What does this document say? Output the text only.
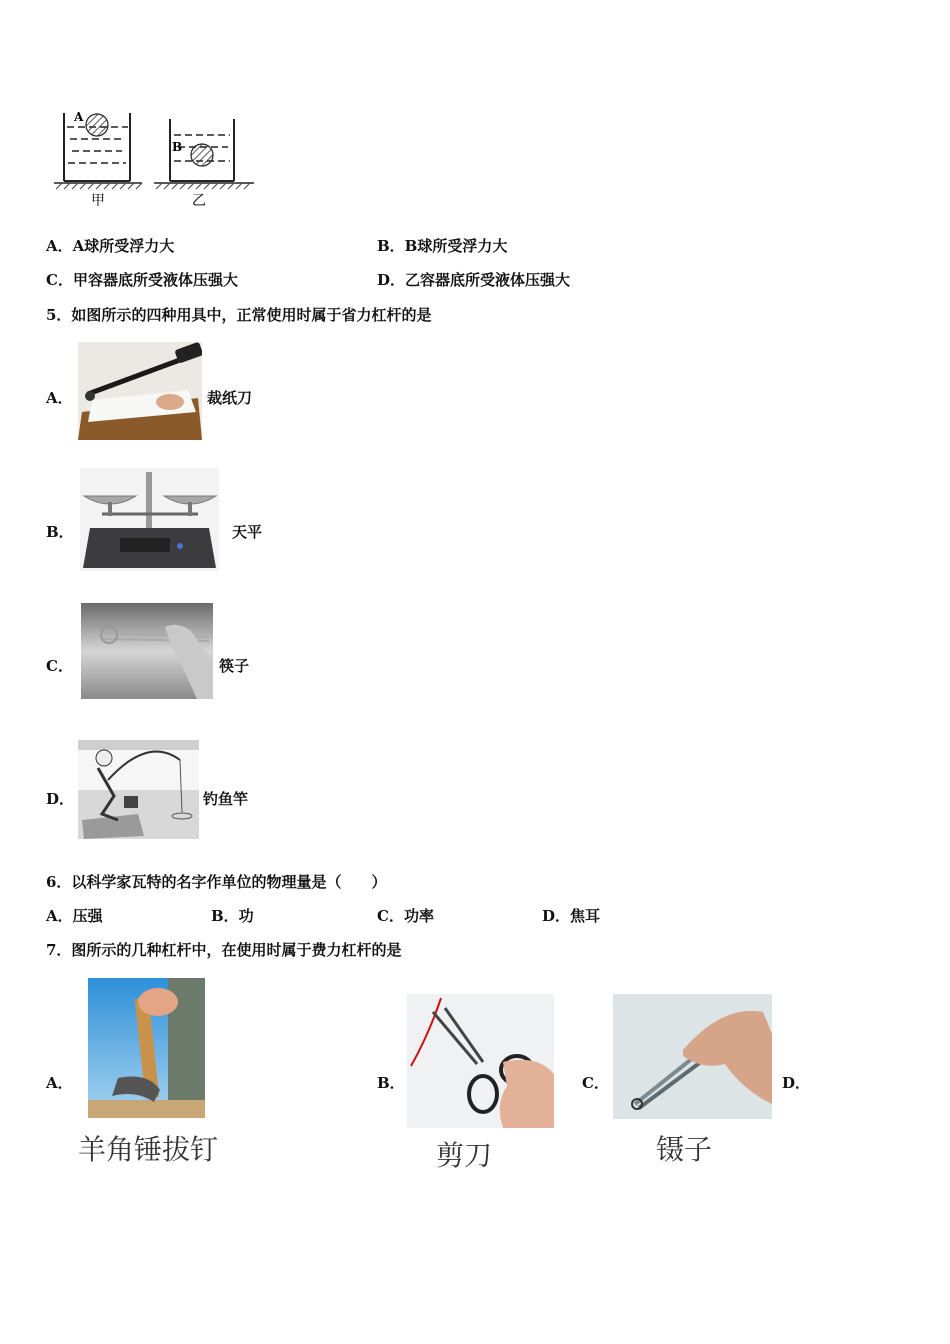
A
B
甲	乙
A．A球所受浮力大	B．B球所受浮力大
C．甲容器底所受液体压强大	D．乙容器底所受液体压强大
5．如图所示的四种用具中，正常使用时属于省力杠杆的是
A．	裁纸刀
B．	天平
C．	筷子
D．	钓鱼竿
6．以科学家瓦特的名字作单位的物理量是（　　）
A．压强	B．功	C．功率	D．焦耳
7．图所示的几种杠杆中，在使用时属于费力杠杆的是
A．
羊角锤拔钉
B．
剪刀
C．
镊子
D．
